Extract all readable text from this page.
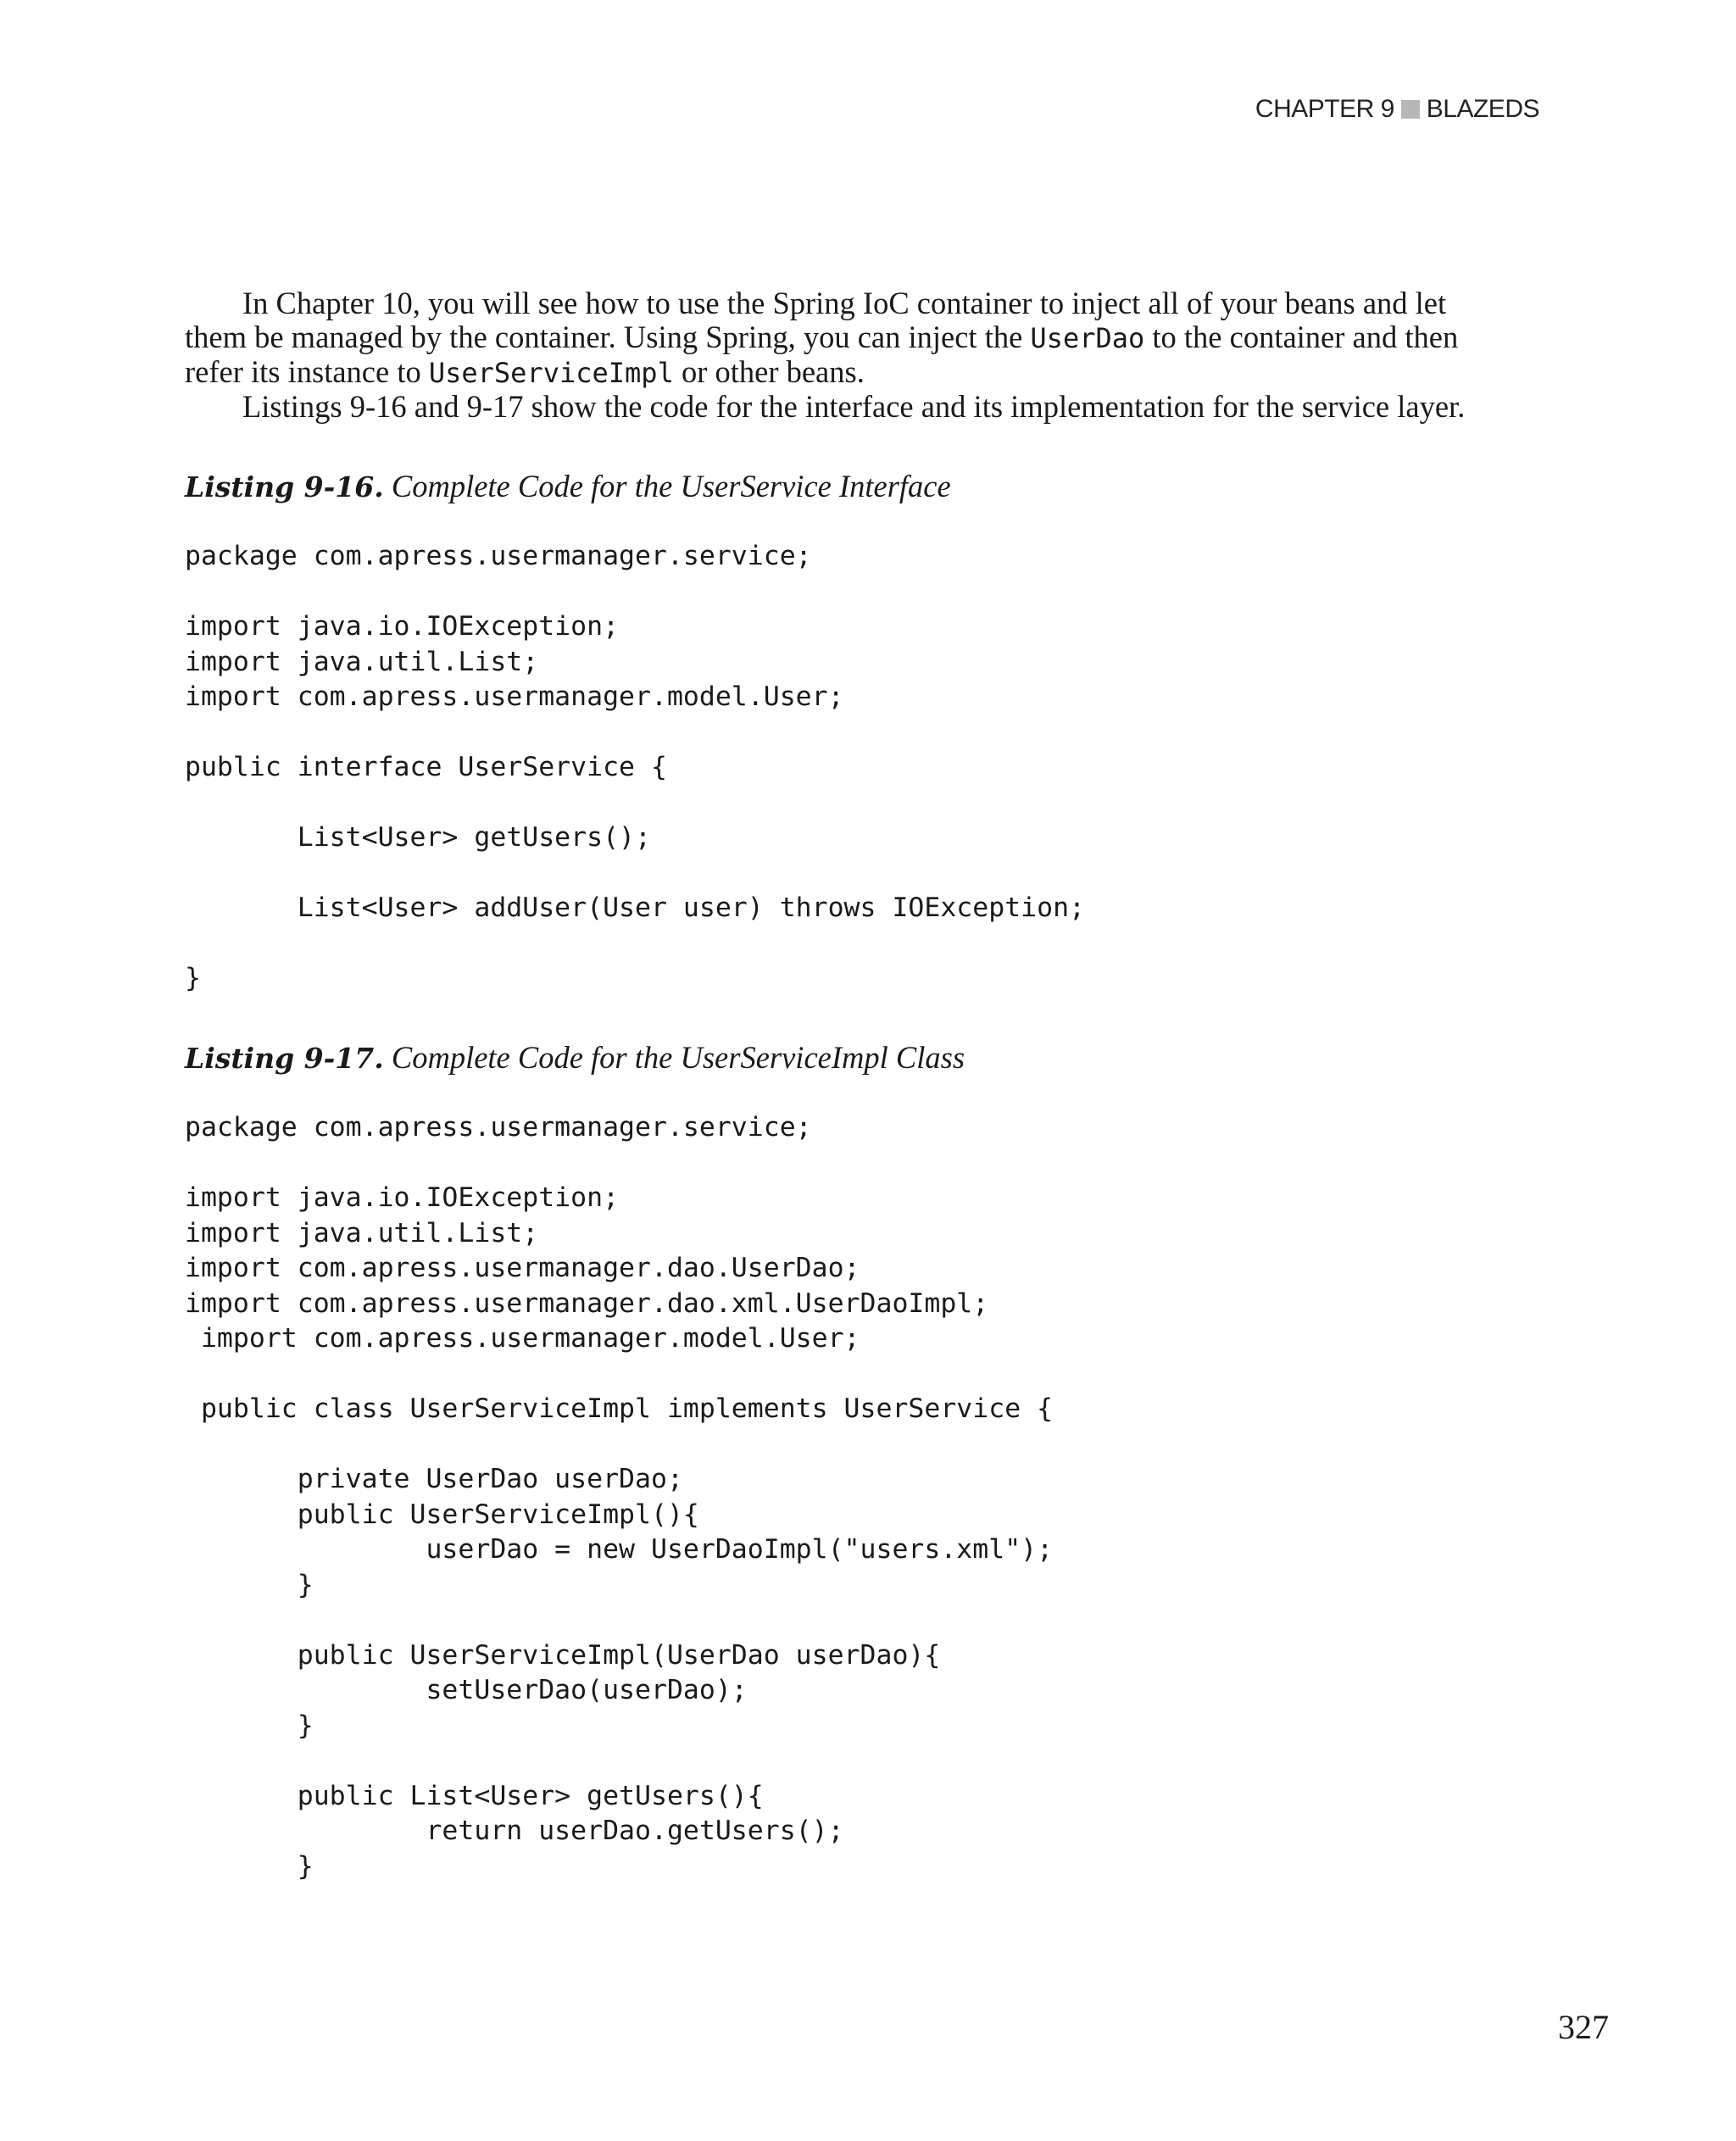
CHAPTER 9 BLAZEDS

In Chapter 10, you will see how to use the Spring IoC container to inject all of your beans and let

them be managed by the container. Using Spring, you can inject the UserDao to the container and then

refer its instance to UserServiceImpl or other beans.

Listings 9-16 and 9-17 show the code for the interface and its implementation for the service layer.

Listing 9-16. Complete Code for the UserService Interface
package com.apress.usermanager.service;

import java.io.IOException;
import java.util.List;
import com.apress.usermanager.model.User;

public interface UserService {

List<User> getUsers();

List<User> addUser(User user) throws IOException;

}
Listing 9-17. Complete Code for the UserServiceImpl Class
package com.apress.usermanager.service;

import java.io.IOException;
import java.util.List;
import com.apress.usermanager.dao.UserDao;
import com.apress.usermanager.dao.xml.UserDaoImpl;
import com.apress.usermanager.model.User;

public class UserServiceImpl implements UserService {

private UserDao userDao;
public UserServiceImpl(){
userDao = new UserDaoImpl("users.xml");
}

public UserServiceImpl(UserDao userDao){
setUserDao(userDao);
}

public List<User> getUsers(){
return userDao.getUsers();
}
327
